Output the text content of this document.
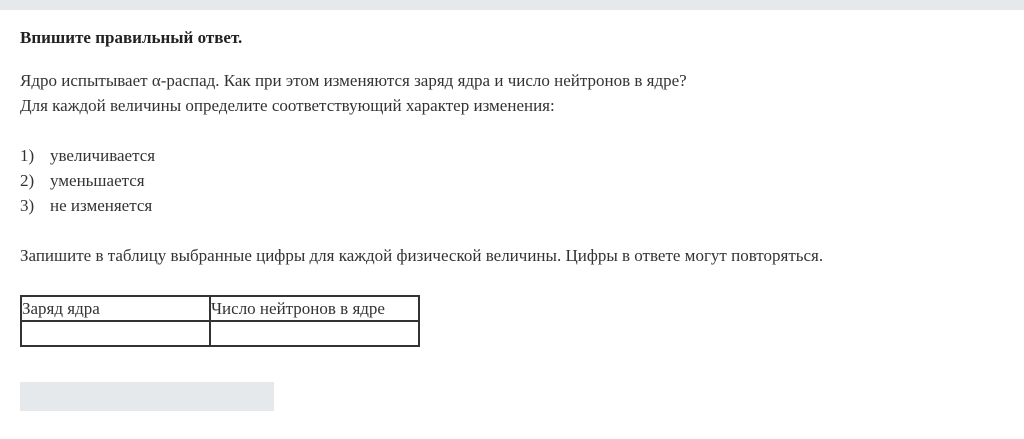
Впишите правильный ответ.

Ядро испытывает α-распад. Как при этом изменяются заряд ядра и число нейтронов в ядре?

Для каждой величины определите соответствующий характер изменения:

1) увеличивается
2) уменьшается
3) не изменяется
Запишите в таблицу выбранные цифры для каждой физической величины. Цифры в ответе могут повторяться.
Заряд ядра	Число нейтронов в ядре
